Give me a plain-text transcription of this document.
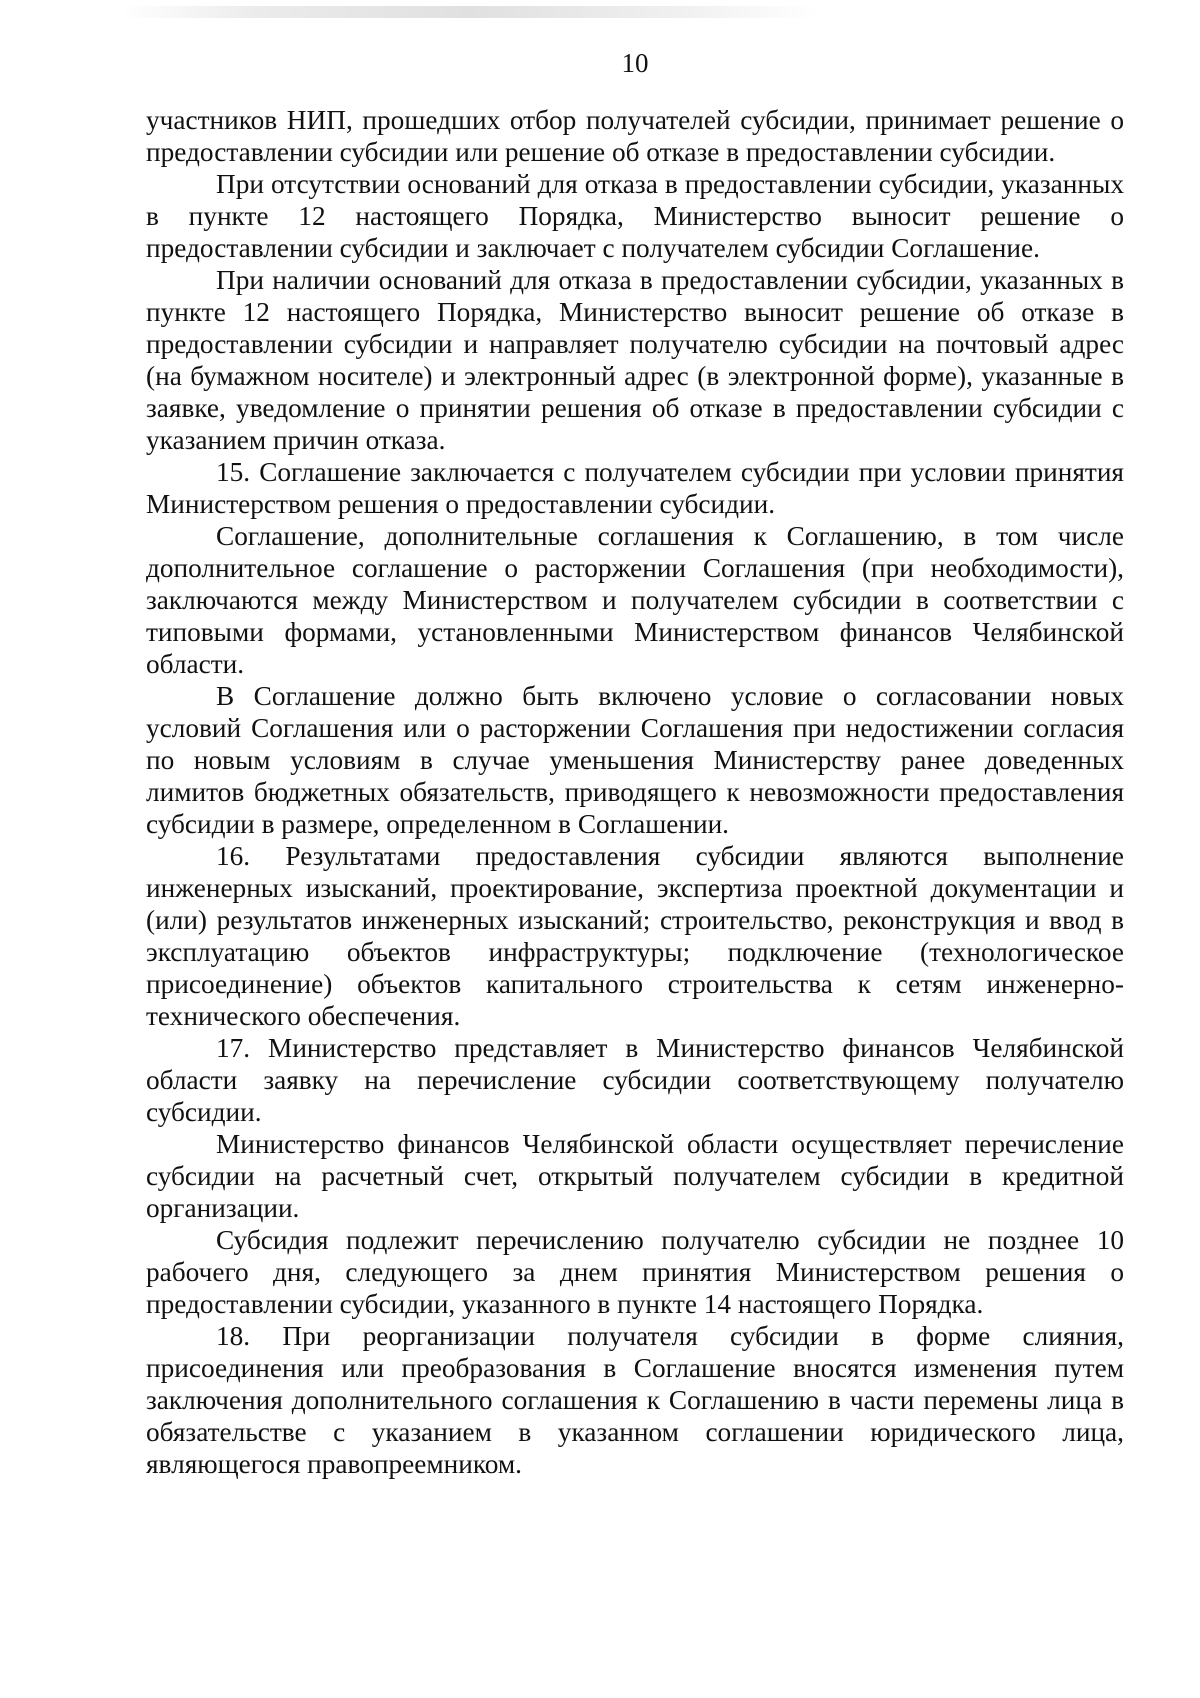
10

участников НИП, прошедших отбор получателей субсидии, принимает решение о предоставлении субсидии или решение об отказе в предоставлении субсидии.

При отсутствии оснований для отказа в предоставлении субсидии, указанных в пункте 12 настоящего Порядка, Министерство выносит решение о предоставлении субсидии и заключает с получателем субсидии Соглашение.

При наличии оснований для отказа в предоставлении субсидии, указанных в пункте 12 настоящего Порядка, Министерство выносит решение об отказе в предоставлении субсидии и направляет получателю субсидии на почтовый адрес (на бумажном носителе) и электронный адрес (в электронной форме), указанные в заявке, уведомление о принятии решения об отказе в предоставлении субсидии с указанием причин отказа.

15. Соглашение заключается с получателем субсидии при условии принятия Министерством решения о предоставлении субсидии.

Соглашение, дополнительные соглашения к Соглашению, в том числе дополнительное соглашение о расторжении Соглашения (при необходимости), заключаются между Министерством и получателем субсидии в соответствии с типовыми формами, установленными Министерством финансов Челябинской области.

В Соглашение должно быть включено условие о согласовании новых условий Соглашения или о расторжении Соглашения при недостижении согласия по новым условиям в случае уменьшения Министерству ранее доведенных лимитов бюджетных обязательств, приводящего к невозможности предоставления субсидии в размере, определенном в Соглашении.

16. Результатами предоставления субсидии являются выполнение инженерных изысканий, проектирование, экспертиза проектной документации и (или) результатов инженерных изысканий; строительство, реконструкция и ввод в эксплуатацию объектов инфраструктуры; подключение (технологическое присоединение) объектов капитального строительства к сетям инженерно-технического обеспечения.

17. Министерство представляет в Министерство финансов Челябинской области заявку на перечисление субсидии соответствующему получателю субсидии.

Министерство финансов Челябинской области осуществляет перечисление субсидии на расчетный счет, открытый получателем субсидии в кредитной организации.

Субсидия подлежит перечислению получателю субсидии не позднее 10 рабочего дня, следующего за днем принятия Министерством решения о предоставлении субсидии, указанного в пункте 14 настоящего Порядка.

18. При реорганизации получателя субсидии в форме слияния, присоединения или преобразования в Соглашение вносятся изменения путем заключения дополнительного соглашения к Соглашению в части перемены лица в обязательстве с указанием в указанном соглашении юридического лица, являющегося правопреемником.
